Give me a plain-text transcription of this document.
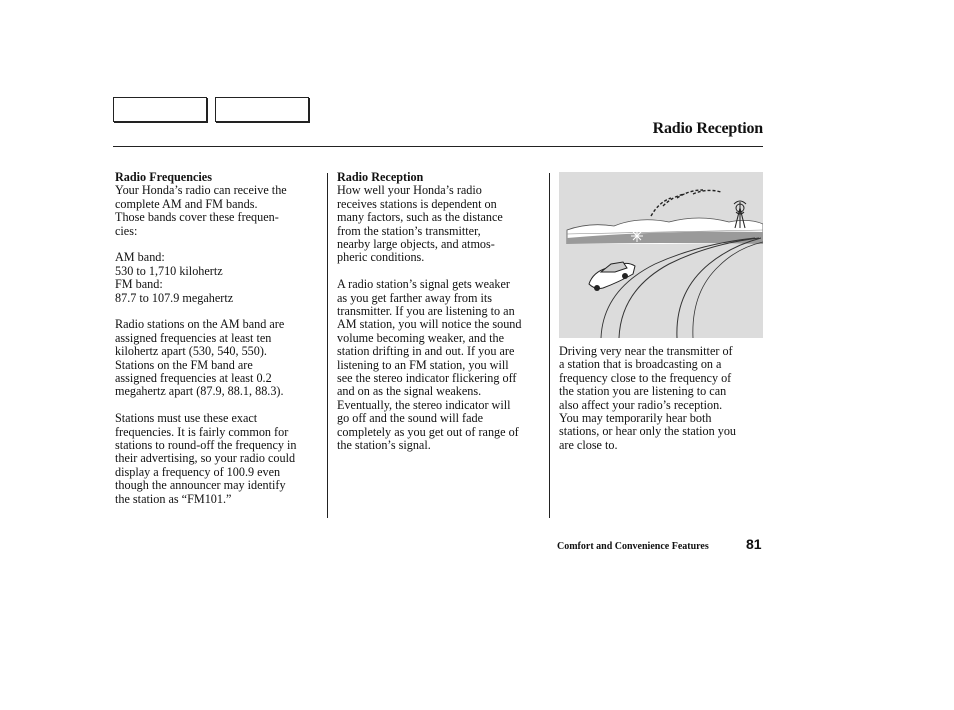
Radio Reception
Radio Frequencies

Your Honda’s radio can receive the
complete AM and FM bands.
Those bands cover these frequen-
cies:

AM band:
530 to 1,710 kilohertz
FM band:
87.7 to 107.9 megahertz

Radio stations on the AM band are
assigned frequencies at least ten
kilohertz apart (530, 540, 550).
Stations on the FM band are
assigned frequencies at least 0.2
megahertz apart (87.9, 88.1, 88.3).

Stations must use these exact
frequencies. It is fairly common for
stations to round-off the frequency in
their advertising, so your radio could
display a frequency of 100.9 even
though the announcer may identify
the station as “FM101.”

Radio Reception

How well your Honda’s radio
receives stations is dependent on
many factors, such as the distance
from the station’s transmitter,
nearby large objects, and atmos-
pheric conditions.

A radio station’s signal gets weaker
as you get farther away from its
transmitter. If you are listening to an
AM station, you will notice the sound
volume becoming weaker, and the
station drifting in and out. If you are
listening to an FM station, you will
see the stereo indicator flickering off
and on as the signal weakens.
Eventually, the stereo indicator will
go off and the sound will fade
completely as you get out of range of
the station’s signal.

Driving very near the transmitter of
a station that is broadcasting on a
frequency close to the frequency of
the station you are listening to can
also affect your radio’s reception.
You may temporarily hear both
stations, or hear only the station you
are close to.

Comfort and Convenience Features	81
